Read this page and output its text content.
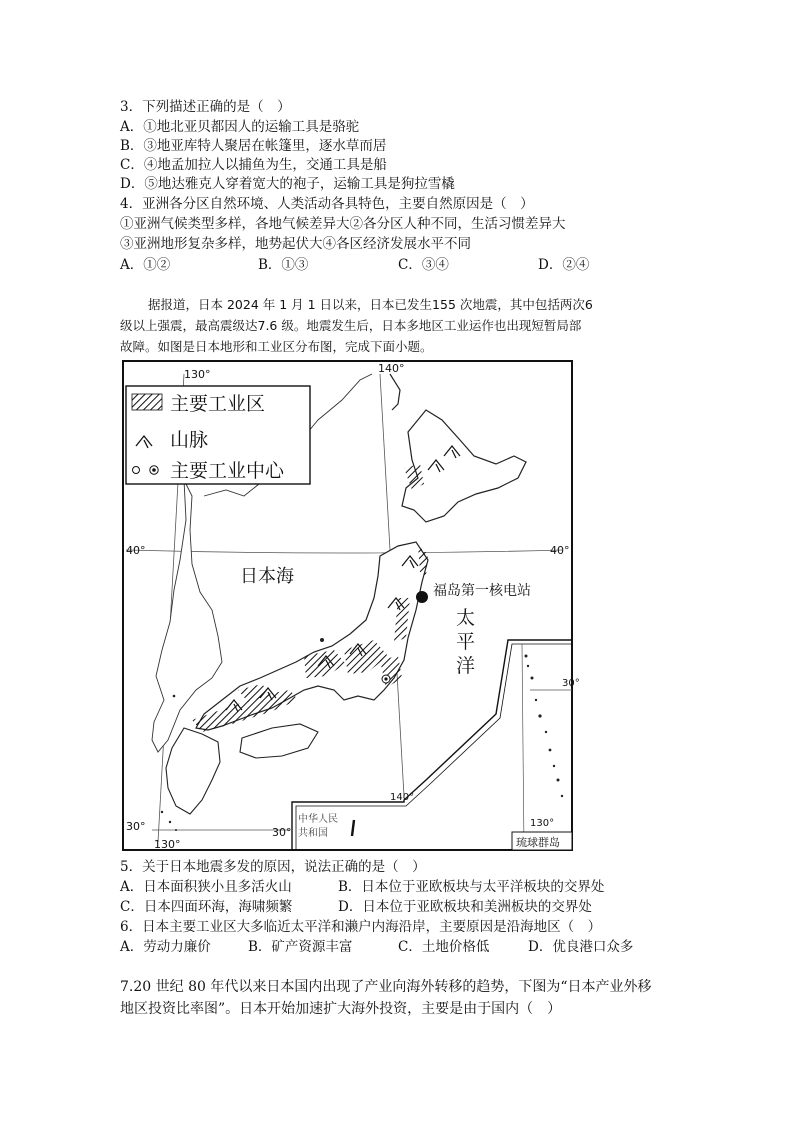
3．下列描述正确的是（　）
A．①地北亚贝都因人的运输工具是骆驼
B．③地亚库特人聚居在帐篷里，逐水草而居
C．④地孟加拉人以捕鱼为生，交通工具是船
D．⑤地达雅克人穿着宽大的袍子，运输工具是狗拉雪橇
4．亚洲各分区自然环境、人类活动各具特色，主要自然原因是（　）
①亚洲气候类型多样，各地气候差异大②各分区人种不同，生活习惯差异大
③亚洲地形复杂多样，地势起伏大④各区经济发展水平不同
A．①②	B．①③	C．③④	D．②④
据报道，日本 2024 年 1 月 1 日以来，日本已发生155 次地震，其中包括两次6
级以上强震，最高震级达7.6 级。地震发生后，日本多地区工业运作也出现短暂局部
故障。如图是日本地形和工业区分布图，完成下面小题。
福岛第一核电站
日本海
太
平
洋
130°	140°
40°	40°
30°	30°
130°
140°
30°
130°
中华人民
共和国
琉球群岛
主要工业区
山脉
主要工业中心
5．关于日本地震多发的原因，说法正确的是（　）
A．日本面积狭小且多活火山	B．日本位于亚欧板块与太平洋板块的交界处
C．日本四面环海，海啸频繁	D．日本位于亚欧板块和美洲板块的交界处
6．日本主要工业区大多临近太平洋和濑户内海沿岸，主要原因是沿海地区（　）
A．劳动力廉价	B．矿产资源丰富	C．土地价格低	D．优良港口众多
7.20 世纪 80 年代以来日本国内出现了产业向海外转移的趋势，下图为“日本产业外移
地区投资比率图”。日本开始加速扩大海外投资，主要是由于国内（　）
